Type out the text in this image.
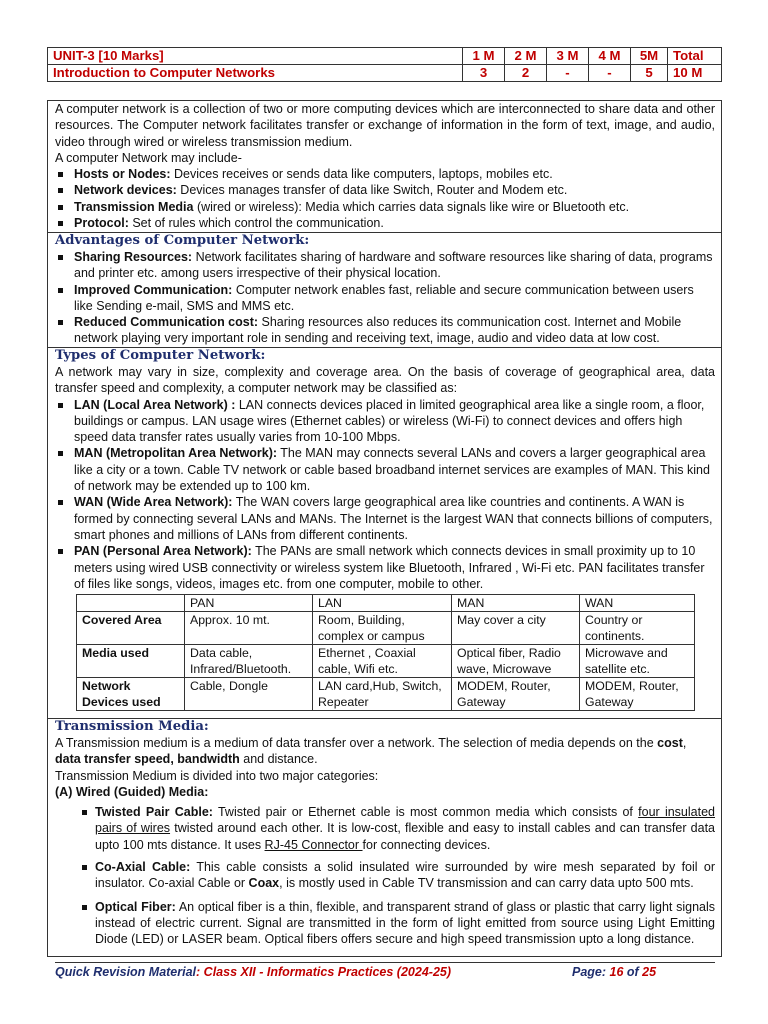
UNIT-3 [10 Marks]	1 M	2 M	3 M	4 M	5M	Total
Introduction to Computer Networks	3	2	-	-	5	10 M

A computer network is a collection of two or more computing devices which are interconnected to share data and other resources. The Computer network facilitates transfer or exchange of information in the form of text, image, and audio, video through wired or wireless transmission medium.

A computer Network may include-

Hosts or Nodes: Devices receives or sends data like computers, laptops, mobiles etc.
Network devices: Devices manages transfer of data like Switch, Router and Modem etc.
Transmission Media (wired or wireless): Media which carries data signals like wire or Bluetooth etc.
Protocol: Set of rules which control the communication.
Advantages of Computer Network:
Sharing Resources: Network facilitates sharing of hardware and software resources like sharing of data, programs and printer etc. among users irrespective of their physical location.
Improved Communication: Computer network enables fast, reliable and secure communication between users like Sending e-mail, SMS and MMS etc.
Reduced Communication cost: Sharing resources also reduces its communication cost. Internet and Mobile network playing very important role in sending and receiving text, image, audio and video data at low cost.
Types of Computer Network:

A network may vary in size, complexity and coverage area. On the basis of coverage of geographical area, data transfer speed and complexity, a computer network may be classified as:

LAN (Local Area Network) : LAN connects devices placed in limited geographical area like a single room, a floor, buildings or campus. LAN usage wires (Ethernet cables) or wireless (Wi-Fi) to connect devices and offers high speed data transfer rates usually varies from 10-100 Mbps.
MAN (Metropolitan Area Network): The MAN may connects several LANs and covers a larger geographical area like a city or a town. Cable TV network or cable based broadband internet services are examples of MAN. This kind of network may be extended up to 100 km.
WAN (Wide Area Network): The WAN covers large geographical area like countries and continents. A WAN is formed by connecting several LANs and MANs. The Internet is the largest WAN that connects billions of computers, smart phones and millions of LANs from different continents.
PAN (Personal Area Network): The PANs are small network which connects devices in small proximity up to 10 meters using wired USB connectivity or wireless system like Bluetooth, Infrared , Wi-Fi etc. PAN facilitates transfer of files like songs, videos, images etc. from one computer, mobile to other.
	PAN	LAN	MAN	WAN
Covered Area	Approx. 10 mt.	Room, Building, complex or campus	May cover a city	Country or continents.
Media used	Data cable, Infrared/Bluetooth.	Ethernet , Coaxial cable, Wifi etc.	Optical fiber, Radio wave, Microwave	Microwave and satellite etc.
Network Devices used	Cable, Dongle	LAN card,Hub, Switch, Repeater	MODEM, Router, Gateway	MODEM, Router, Gateway
Transmission Media:

A Transmission medium is a medium of data transfer over a network. The selection of media depends on the cost, data transfer speed, bandwidth and distance.

Transmission Medium is divided into two major categories:

(A) Wired (Guided) Media:

Twisted Pair Cable: Twisted pair or Ethernet cable is most common media which consists of four insulated pairs of wires twisted around each other. It is low-cost, flexible and easy to install cables and can transfer data upto 100 mts distance. It uses RJ-45 Connector for connecting devices.
Co-Axial Cable: This cable consists a solid insulated wire surrounded by wire mesh separated by foil or insulator. Co-axial Cable or Coax, is mostly used in Cable TV transmission and can carry data upto 500 mts.
Optical Fiber: An optical fiber is a thin, flexible, and transparent strand of glass or plastic that carry light signals instead of electric current. Signal are transmitted in the form of light emitted from source using Light Emitting Diode (LED) or LASER beam. Optical fibers offers secure and high speed transmission upto a long distance.
Quick Revision Material: Class XII - Informatics Practices (2024-25)	Page: 16 of 25
